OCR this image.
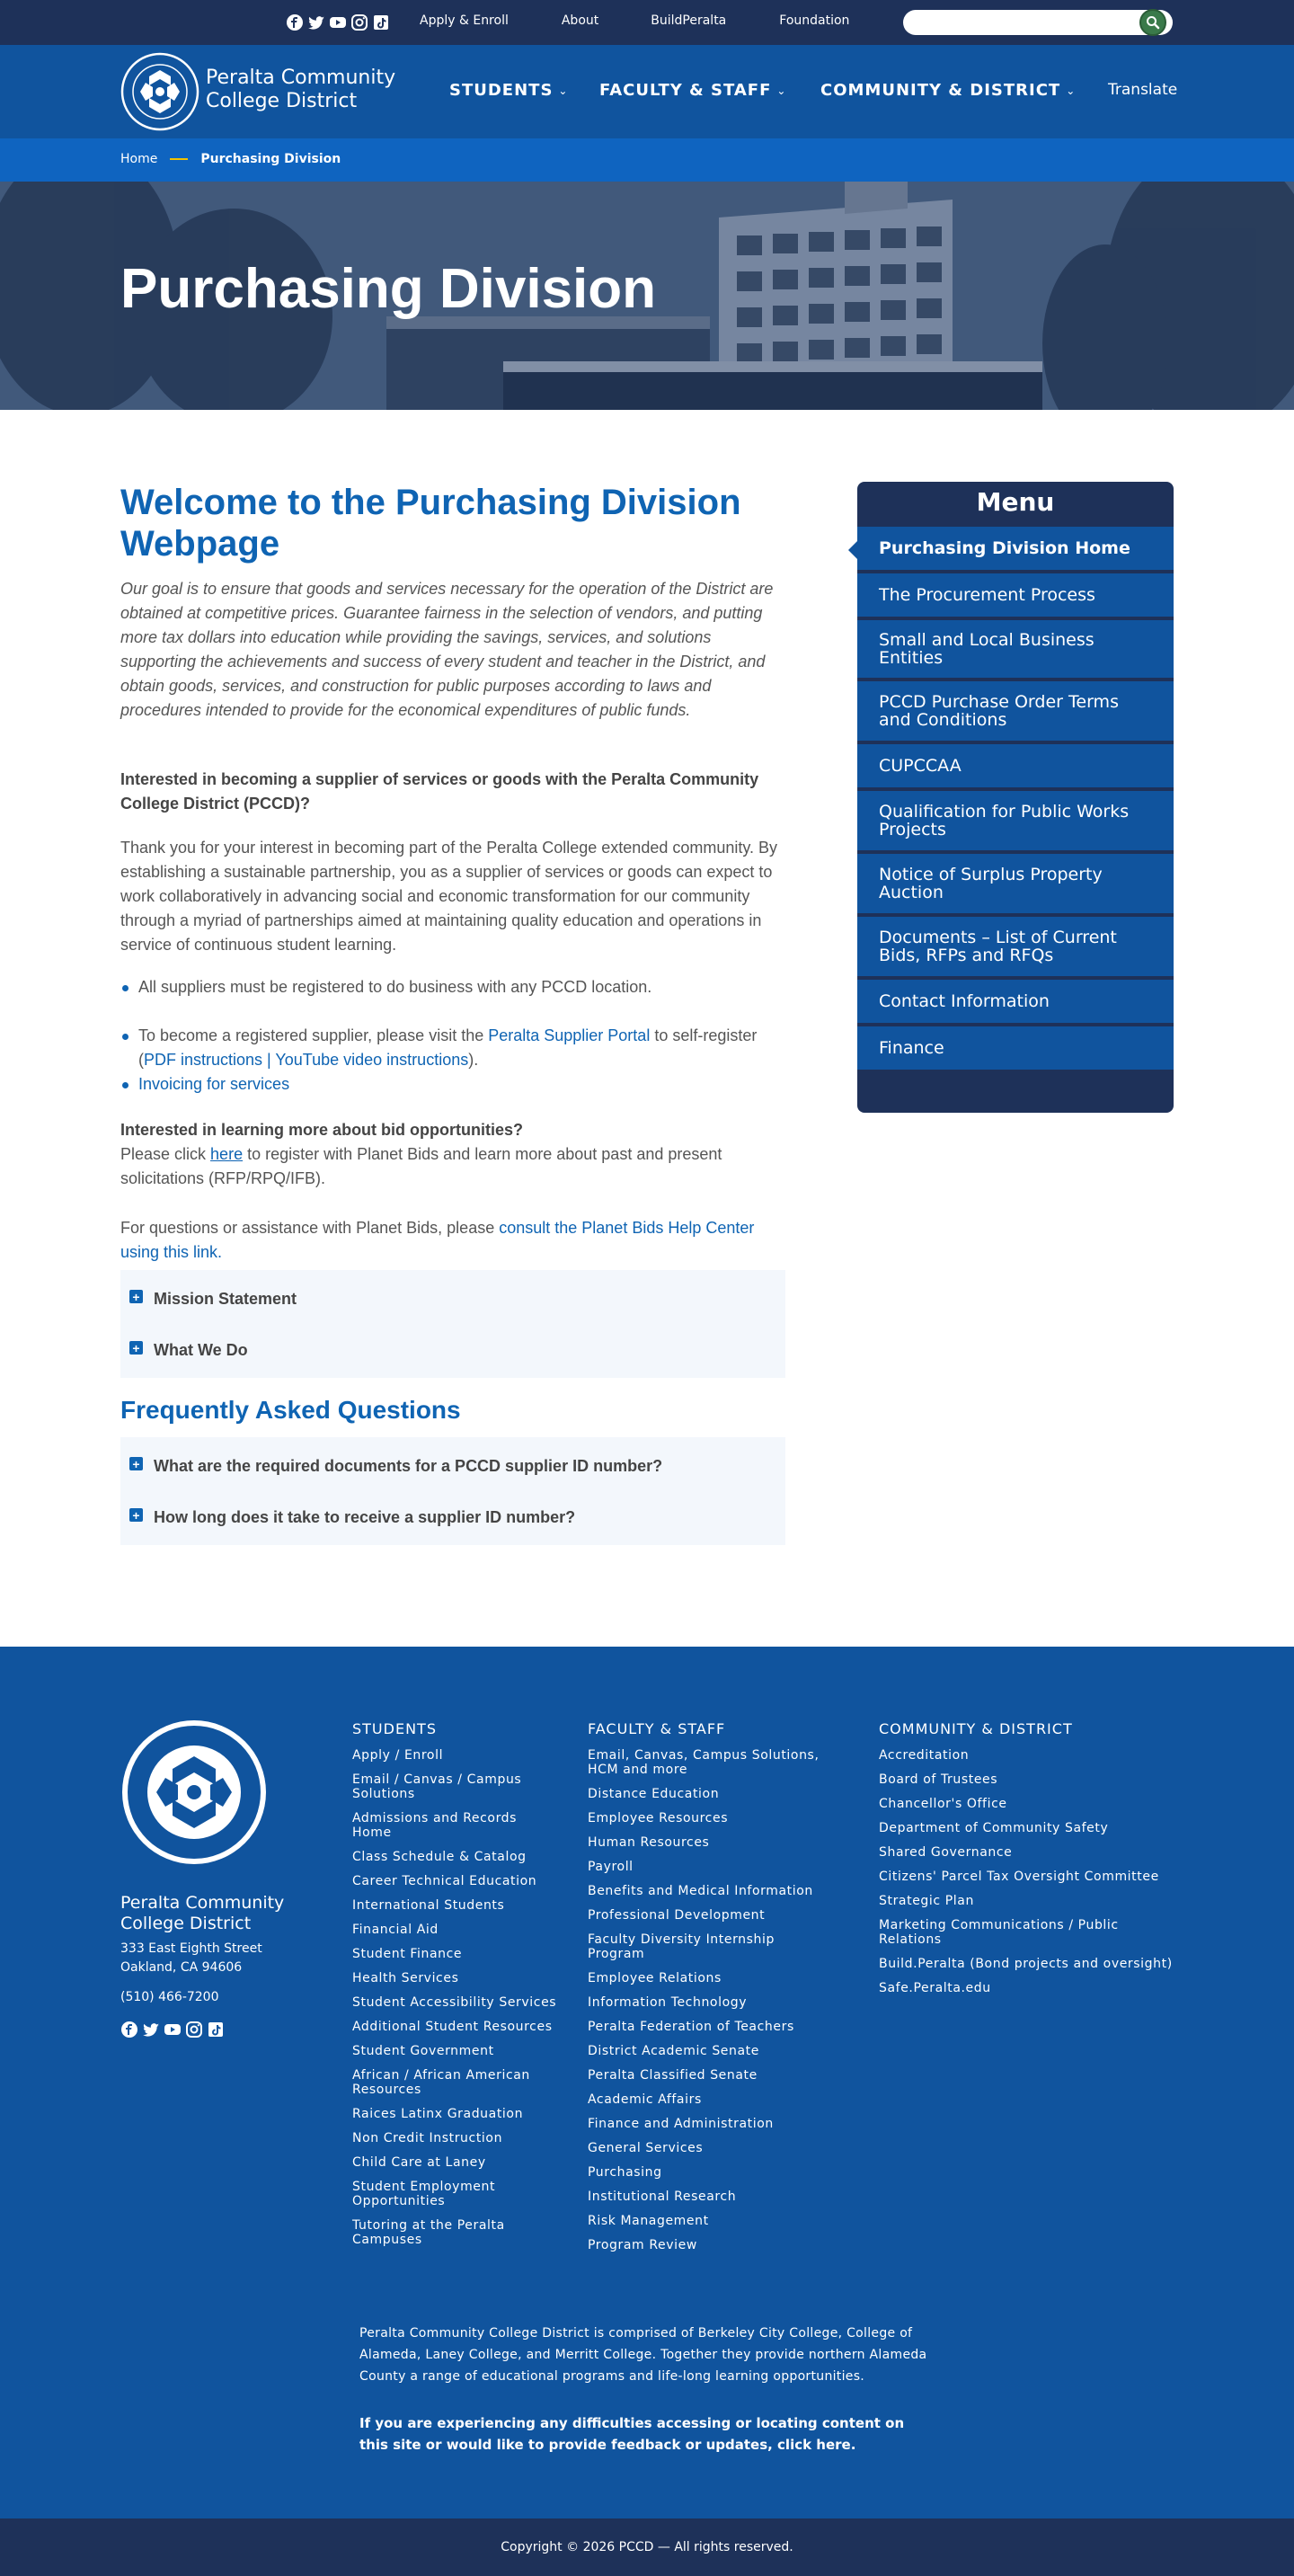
Apply & Enroll	About	BuildPeralta	Foundation
Peralta Community
College District	STUDENTS ⌄ FACULTY & STAFF ⌄ COMMUNITY & DISTRICT ⌄ Translate
Home	Purchasing Division
Purchasing Division
Welcome to the Purchasing Division Webpage

Our goal is to ensure that goods and services necessary for the operation of the District are obtained at competitive prices. Guarantee fairness in the selection of vendors, and putting more tax dollars into education while providing the savings, services, and solutions supporting the achievements and success of every student and teacher in the District, and obtain goods, services, and construction for public purposes according to laws and procedures intended to provide for the economical expenditures of public funds.

Interested in becoming a supplier of services or goods with the Peralta Community College District (PCCD)?

Thank you for your interest in becoming part of the Peralta College extended community. By establishing a sustainable partnership, you as a supplier of services or goods can expect to work collaboratively in advancing social and economic transformation for our community through a myriad of partnerships aimed at maintaining quality education and operations in service of continuous student learning.

All suppliers must be registered to do business with any PCCD location.
To become a registered supplier, please visit the Peralta Supplier Portal to self-register (PDF instructions | YouTube video instructions).
Invoicing for services

Interested in learning more about bid opportunities?

Please click here to register with Planet Bids and learn more about past and present solicitations (RFP/RPQ/IFB).

For questions or assistance with Planet Bids, please consult the Planet Bids Help Center using this link.

+ Mission Statement
+ What We Do
Frequently Asked Questions
+ What are the required documents for a PCCD supplier ID number?
+ How long does it take to receive a supplier ID number?
Menu
Purchasing Division Home
The Procurement Process
Small and Local Business Entities
PCCD Purchase Order Terms and Conditions
CUPCCAA
Qualification for Public Works Projects
Notice of Surplus Property Auction
Documents – List of Current Bids, RFPs and RFQs
Contact Information
Finance
Peralta Community
College District
333 East Eighth Street
Oakland, CA 94606
(510) 466-7200
STUDENTS
Apply / Enroll
Email / Canvas / Campus Solutions
Admissions and Records Home
Class Schedule & Catalog
Career Technical Education
International Students
Financial Aid
Student Finance
Health Services
Student Accessibility Services
Additional Student Resources
Student Government
African / African American Resources
Raices Latinx Graduation
Non Credit Instruction
Child Care at Laney
Student Employment Opportunities
Tutoring at the Peralta Campuses
FACULTY & STAFF
Email, Canvas, Campus Solutions, HCM and more
Distance Education
Employee Resources
Human Resources
Payroll
Benefits and Medical Information
Professional Development
Faculty Diversity Internship Program
Employee Relations
Information Technology
Peralta Federation of Teachers
District Academic Senate
Peralta Classified Senate
Academic Affairs
Finance and Administration
General Services
Purchasing
Institutional Research
Risk Management
Program Review
COMMUNITY & DISTRICT
Accreditation
Board of Trustees
Chancellor's Office
Department of Community Safety
Shared Governance
Citizens' Parcel Tax Oversight Committee
Strategic Plan
Marketing Communications / Public Relations
Build.Peralta (Bond projects and oversight)
Safe.Peralta.edu

Peralta Community College District is comprised of Berkeley City College, College of Alameda, Laney College, and Merritt College. Together they provide northern Alameda County a range of educational programs and life-long learning opportunities.

If you are experiencing any difficulties accessing or locating content on this site or would like to provide feedback or updates, click here.

Copyright © 2026 PCCD — All rights reserved.
